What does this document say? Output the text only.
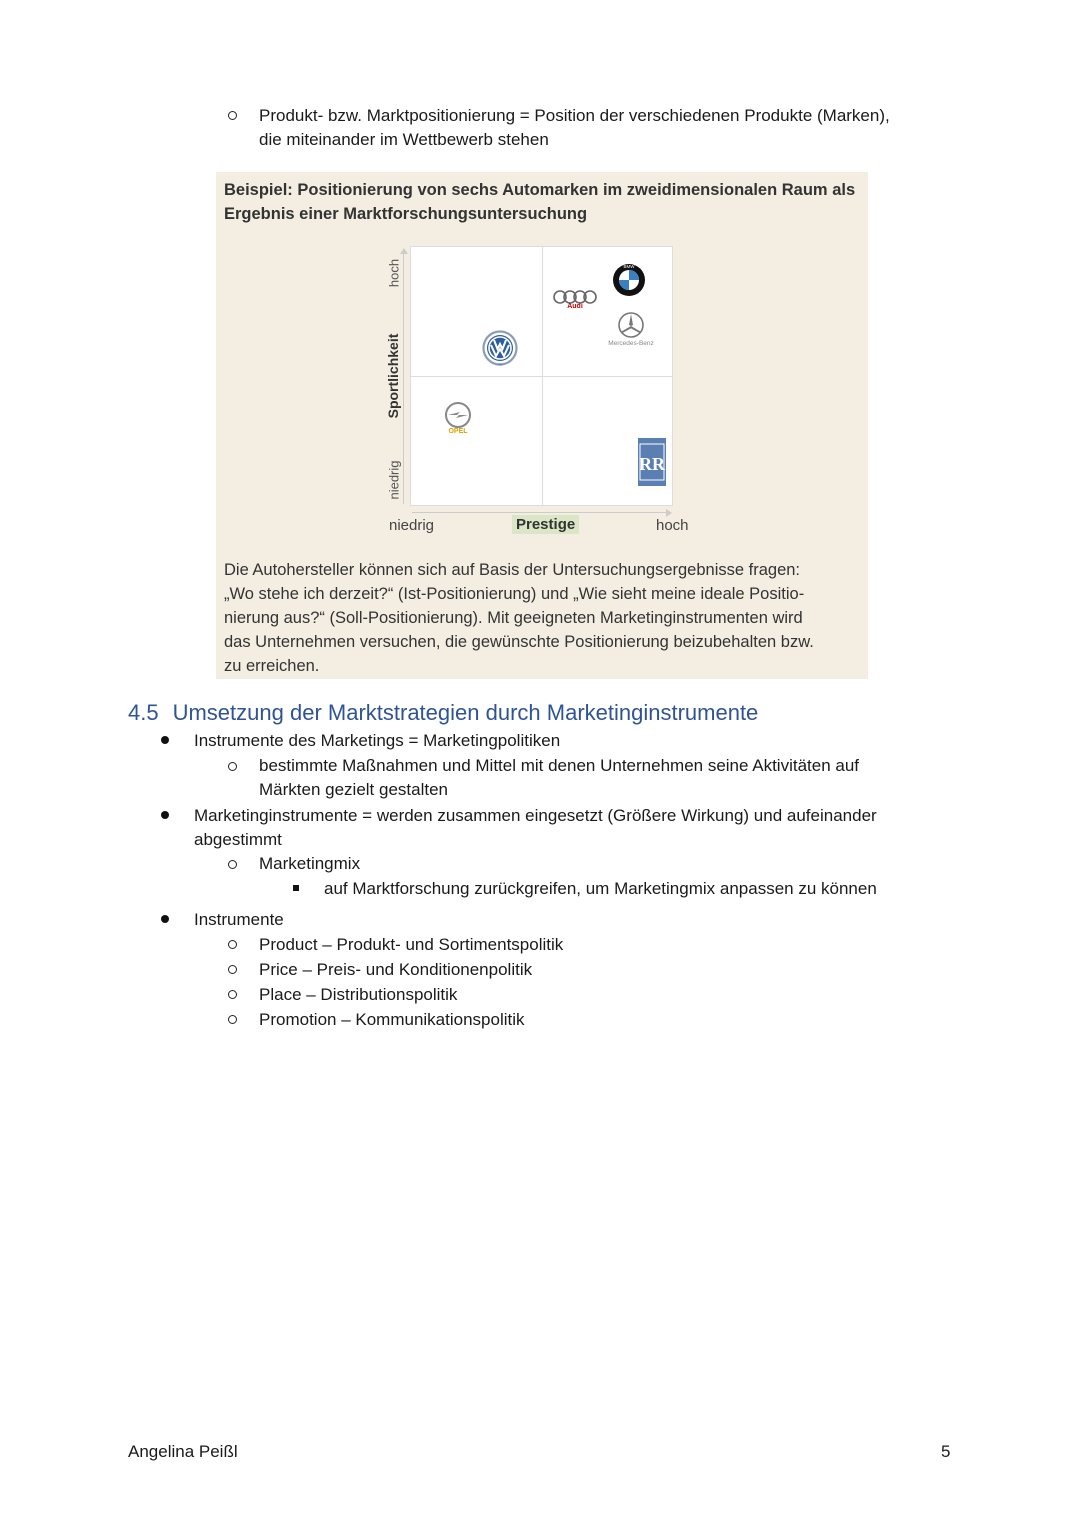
Produkt- bzw. Marktpositionierung = Position der verschiedenen Produkte (Marken),
die miteinander im Wettbewerb stehen
Beispiel: Positionierung von sechs Automarken im zweidimensionalen Raum als
Ergebnis einer Marktforschungsuntersuchung
hoch
Sportlichkeit
niedrig
niedrig	Prestige	hoch
Audi
BMW
Mercedes-Benz
VW
OPEL
RR
Die Autohersteller können sich auf Basis der Untersuchungsergebnisse fragen:
„Wo stehe ich derzeit?“ (Ist-Positionierung) und „Wie sieht meine ideale Positio-
nierung aus?“ (Soll-Positionierung). Mit geeigneten Marketinginstrumenten wird
das Unternehmen versuchen, die gewünschte Positionierung beizubehalten bzw.
zu erreichen.
4.5 Umsetzung der Marktstrategien durch Marketinginstrumente
Instrumente des Marketings = Marketingpolitiken
bestimmte Maßnahmen und Mittel mit denen Unternehmen seine Aktivitäten auf
Märkten gezielt gestalten
Marketinginstrumente = werden zusammen eingesetzt (Größere Wirkung) und aufeinander
abgestimmt
Marketingmix
auf Marktforschung zurückgreifen, um Marketingmix anpassen zu können
Instrumente
Product – Produkt- und Sortimentspolitik
Price – Preis- und Konditionenpolitik
Place – Distributionspolitik
Promotion – Kommunikationspolitik
Angelina Peißl	5
